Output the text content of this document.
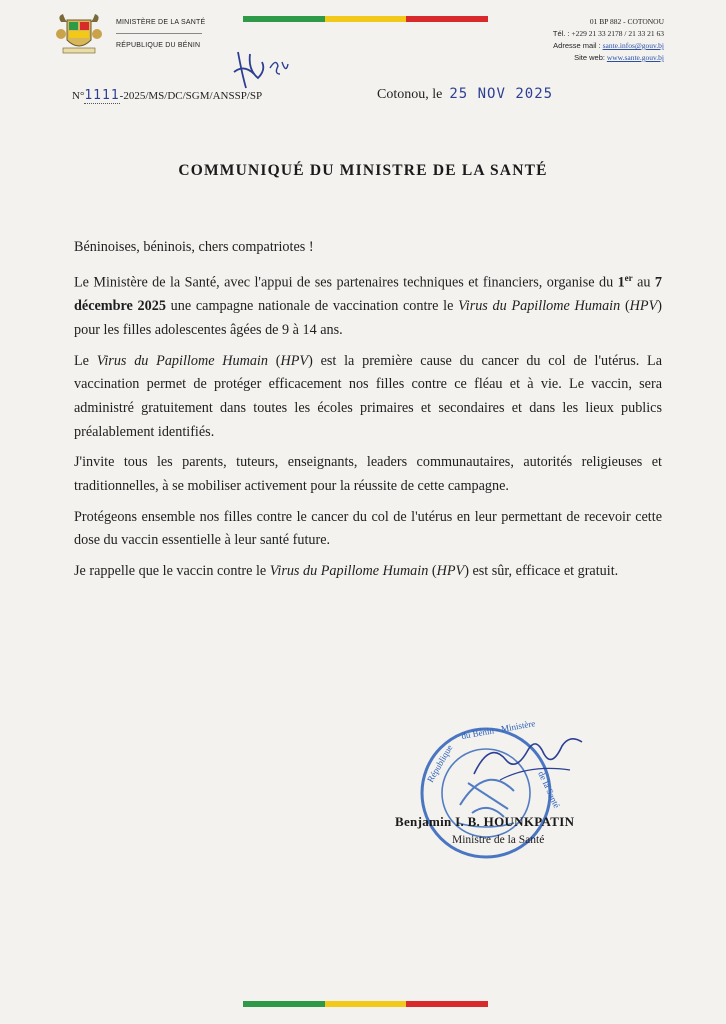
MINISTÈRE DE LA SANTÉ
RÉPUBLIQUE DU BÉNIN
01 BP 882 - COTONOU
Tél. : +229 21 33 2178 / 21 33 21 63
Adresse mail : sante.infos@gouv.bj
Site web: www.sante.gouv.bj
N°1111-2025/MS/DC/SGM/ANSSP/SP	Cotonou, le 25 NOV 2025
COMMUNIQUÉ DU MINISTRE DE LA SANTÉ

Béninoises, béninois, chers compatriotes !

Le Ministère de la Santé, avec l'appui de ses partenaires techniques et financiers, organise du 1er au 7 décembre 2025 une campagne nationale de vaccination contre le Virus du Papillome Humain (HPV) pour les filles adolescentes âgées de 9 à 14 ans.

Le Virus du Papillome Humain (HPV) est la première cause du cancer du col de l'utérus. La vaccination permet de protéger efficacement nos filles contre ce fléau et à vie. Le vaccin, sera administré gratuitement dans toutes les écoles primaires et secondaires et dans les lieux publics préalablement identifiés.

J'invite tous les parents, tuteurs, enseignants, leaders communautaires, autorités religieuses et traditionnelles, à se mobiliser activement pour la réussite de cette campagne.

Protégeons ensemble nos filles contre le cancer du col de l'utérus en leur permettant de recevoir cette dose du vaccin essentielle à leur santé future.

Je rappelle que le vaccin contre le Virus du Papillome Humain (HPV) est sûr, efficace et gratuit.

République
du Bénin - Ministère
de la Santé
Benjamin I. B. HOUNKPATIN
Ministre de la Santé
